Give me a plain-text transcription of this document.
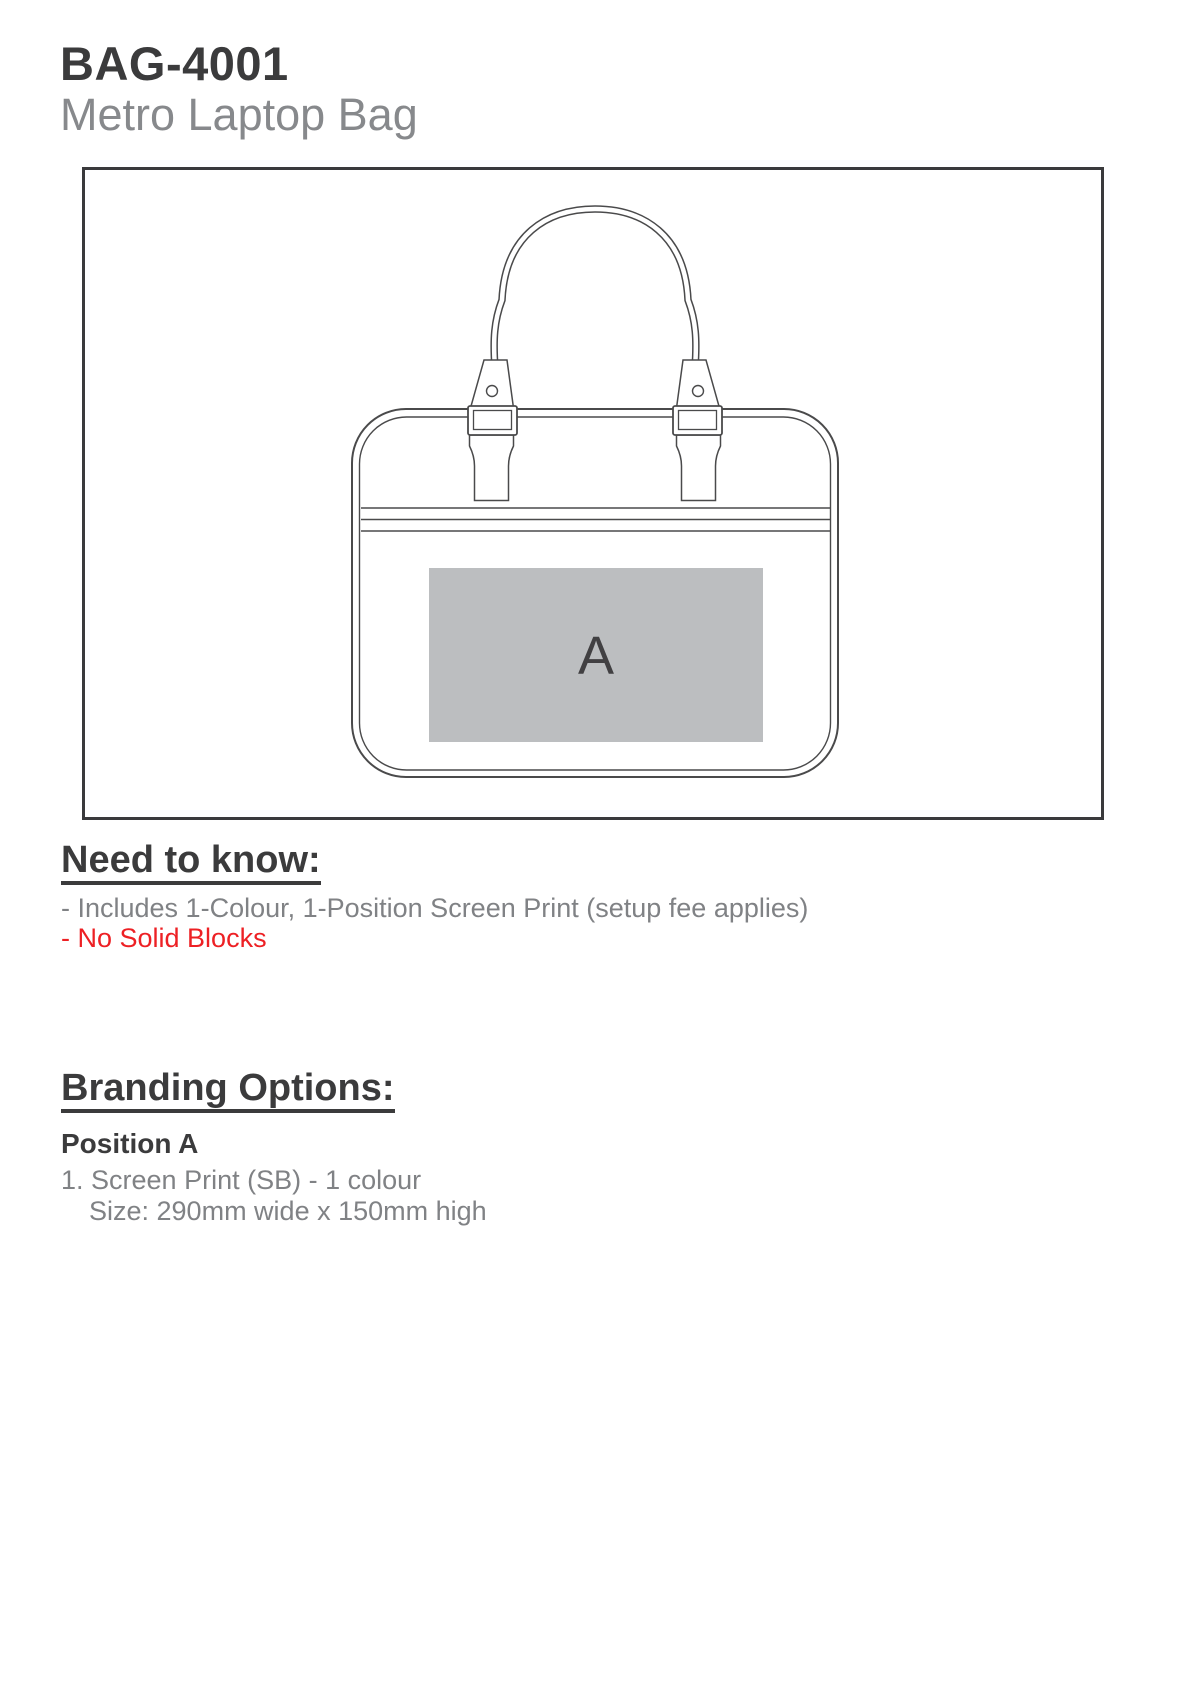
BAG-4001
Metro Laptop Bag
A
Need to know:
- Includes 1-Colour, 1-Position Screen Print (setup fee applies)
- No Solid Blocks
Branding Options:
Position A
1. Screen Print (SB) - 1 colour
Size: 290mm wide x 150mm high
